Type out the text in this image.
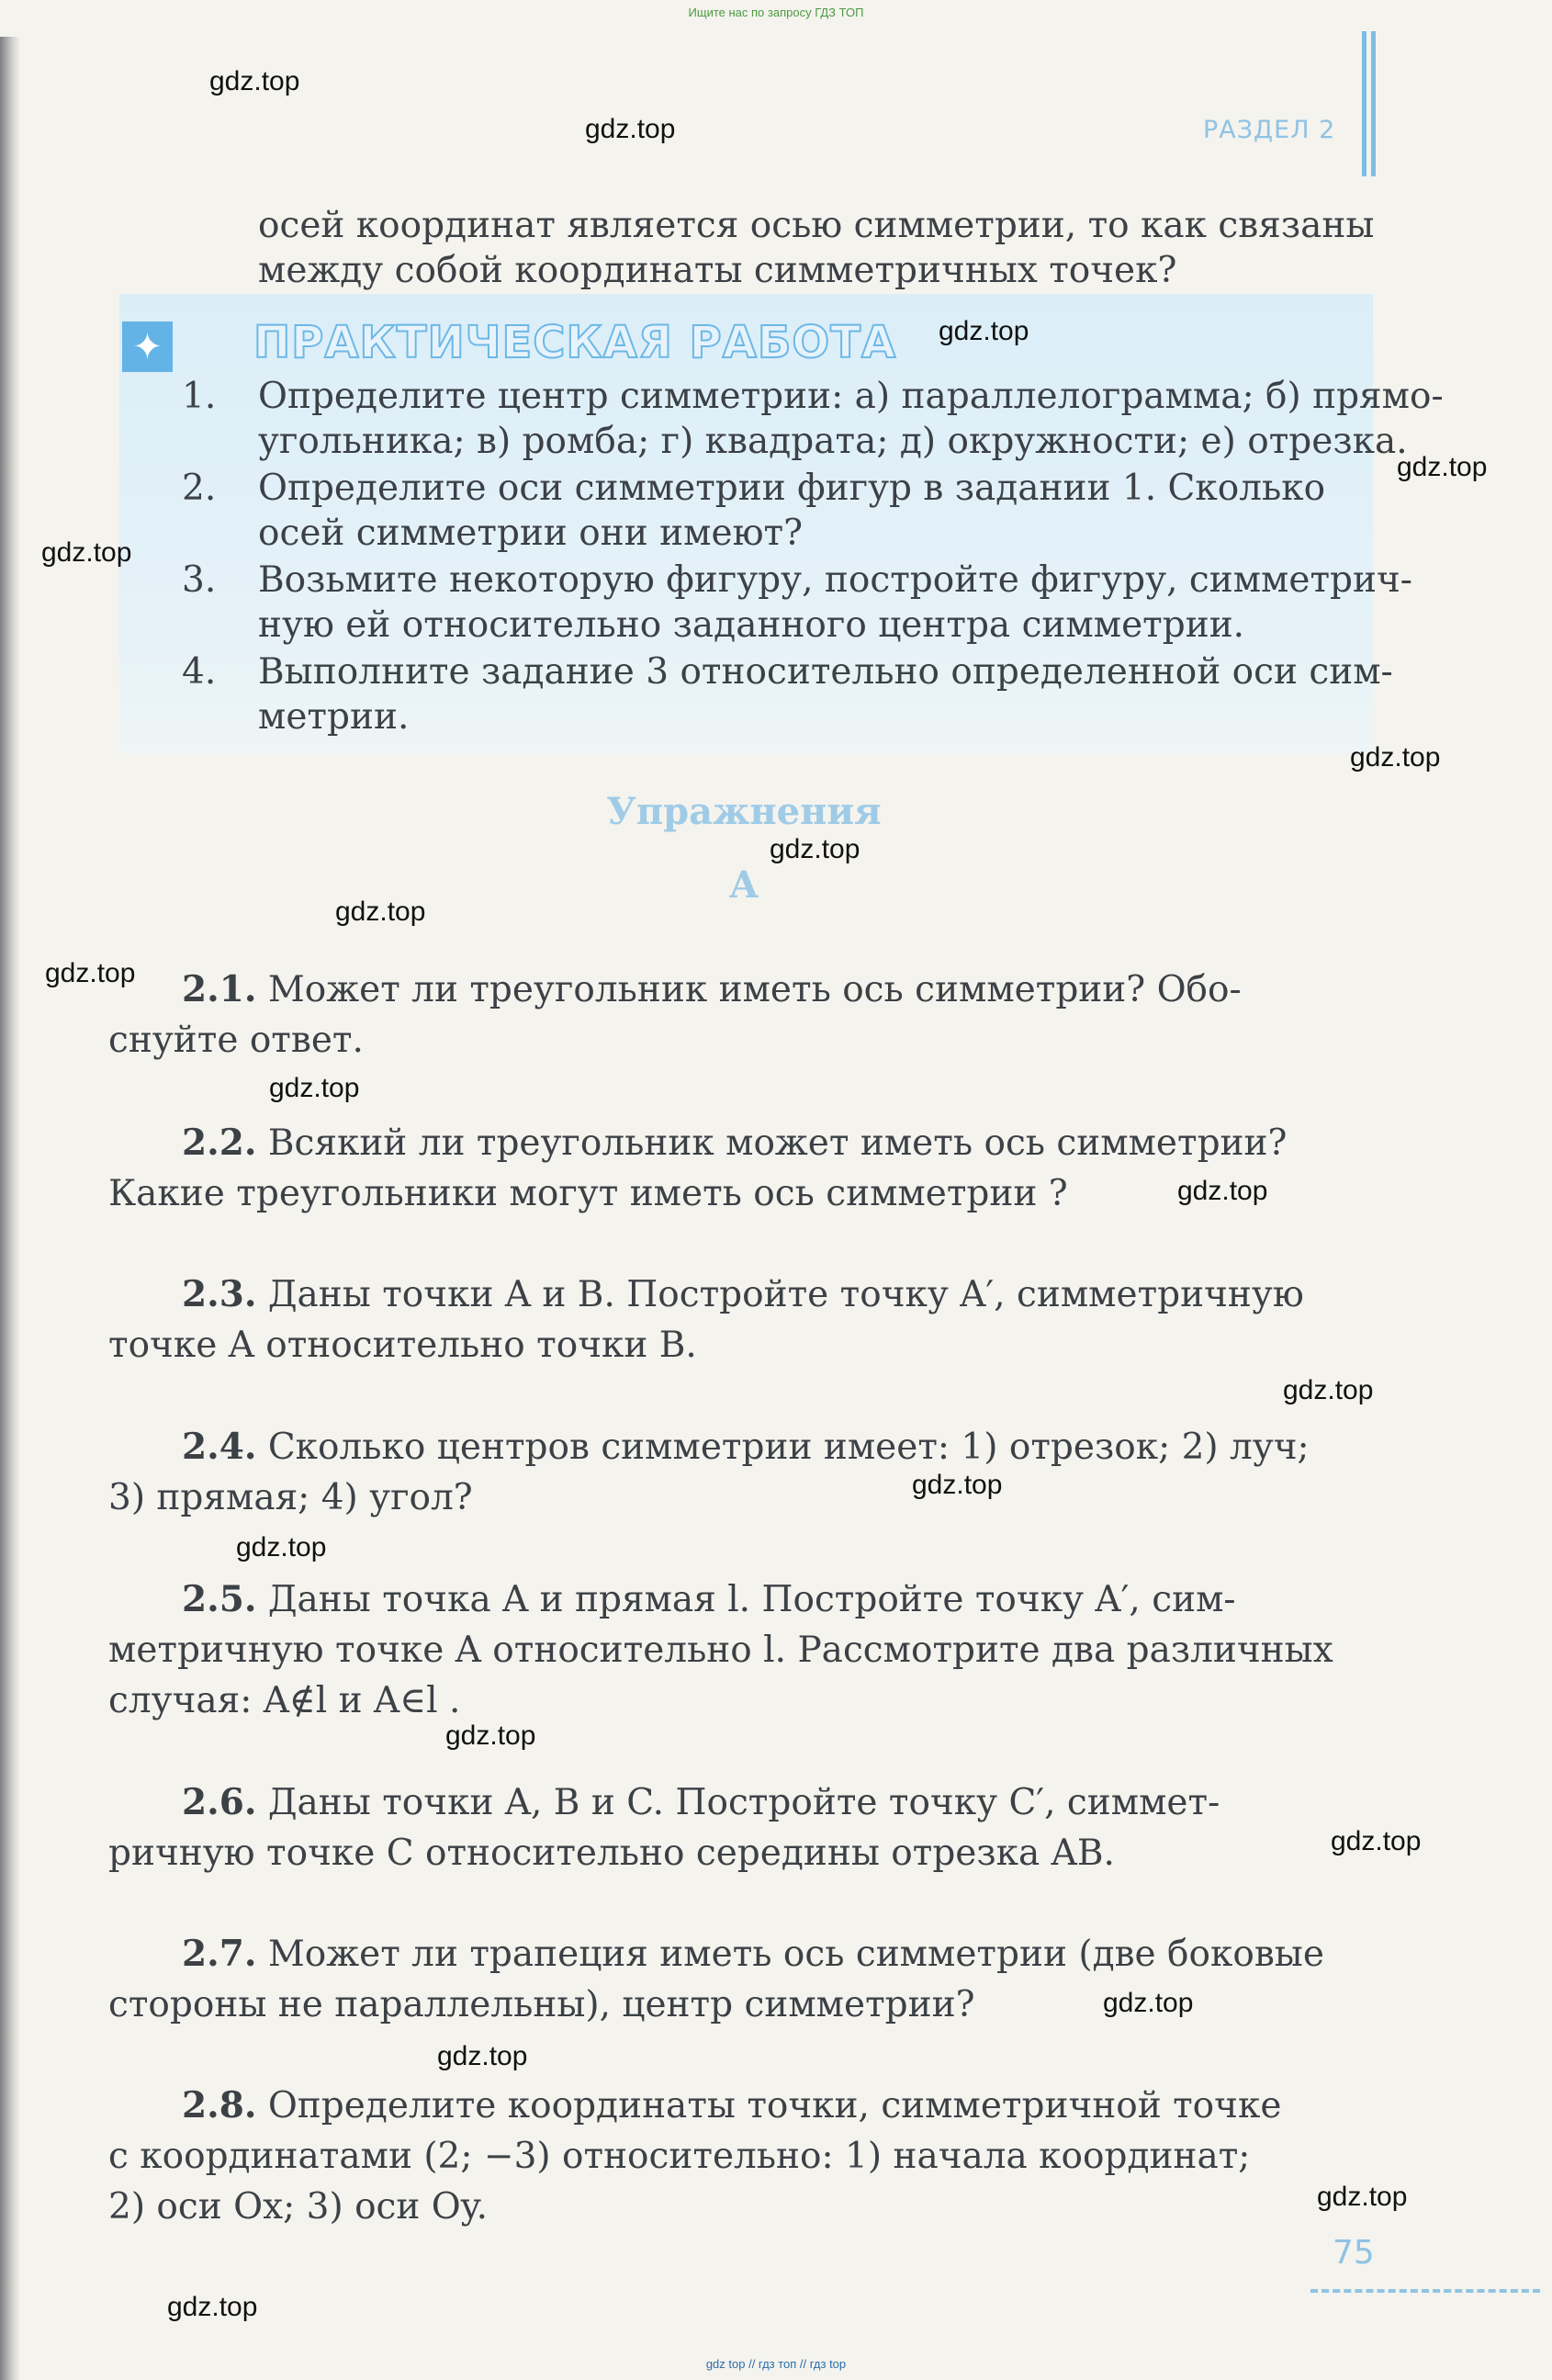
Ищите нас по запросу ГДЗ ТОП
РАЗДЕЛ 2
осей координат является осью симметрии, то как связаны
между собой координаты симметричных точек?
✦ ПРАКТИЧЕСКАЯ РАБОТА
1. Определите центр симметрии: а) параллелограмма; б) прямо-
угольника; в) ромба; г) квадрата; д) окружности; е) отрезка.
2. Определите оси симметрии фигур в задании 1. Сколько
осей симметрии они имеют?
3. Возьмите некоторую фигуру, постройте фигуру, симметрич-
ную ей относительно заданного центра симметрии.
4. Выполните задание 3 относительно определенной оси сим-
метрии.
Упражнения
А
2.1. Может ли треугольник иметь ось симметрии? Обо-
снуйте ответ.
2.2. Всякий ли треугольник может иметь ось симметрии?
Какие треугольники могут иметь ось симметрии ?
2.3. Даны точки A и B. Постройте точку A′, симметричную
точке A относительно точки B.
2.4. Сколько центров симметрии имеет: 1) отрезок; 2) луч;
3) прямая; 4) угол?
2.5. Даны точка A и прямая l. Постройте точку A′, сим-
метричную точке A относительно l. Рассмотрите два различных
случая: A∉l и A∈l .
2.6. Даны точки A, B и C. Постройте точку C′, симмет-
ричную точке C относительно середины отрезка AB.
2.7. Может ли трапеция иметь ось симметрии (две боковые
стороны не параллельны), центр симметрии?
2.8. Определите координаты точки, симметричной точке
с координатами (2; −3) относительно: 1) начала координат;
2) оси Ox; 3) оси Oy.
gdz.top
gdz.top
gdz.top
gdz.top
gdz.top
gdz.top
gdz.top
gdz.top
gdz.top
gdz.top
gdz.top
gdz.top
gdz.top
gdz.top
gdz.top
gdz.top
gdz.top
gdz.top
gdz.top
gdz.top
75
gdz top // гдз топ // гдз top
